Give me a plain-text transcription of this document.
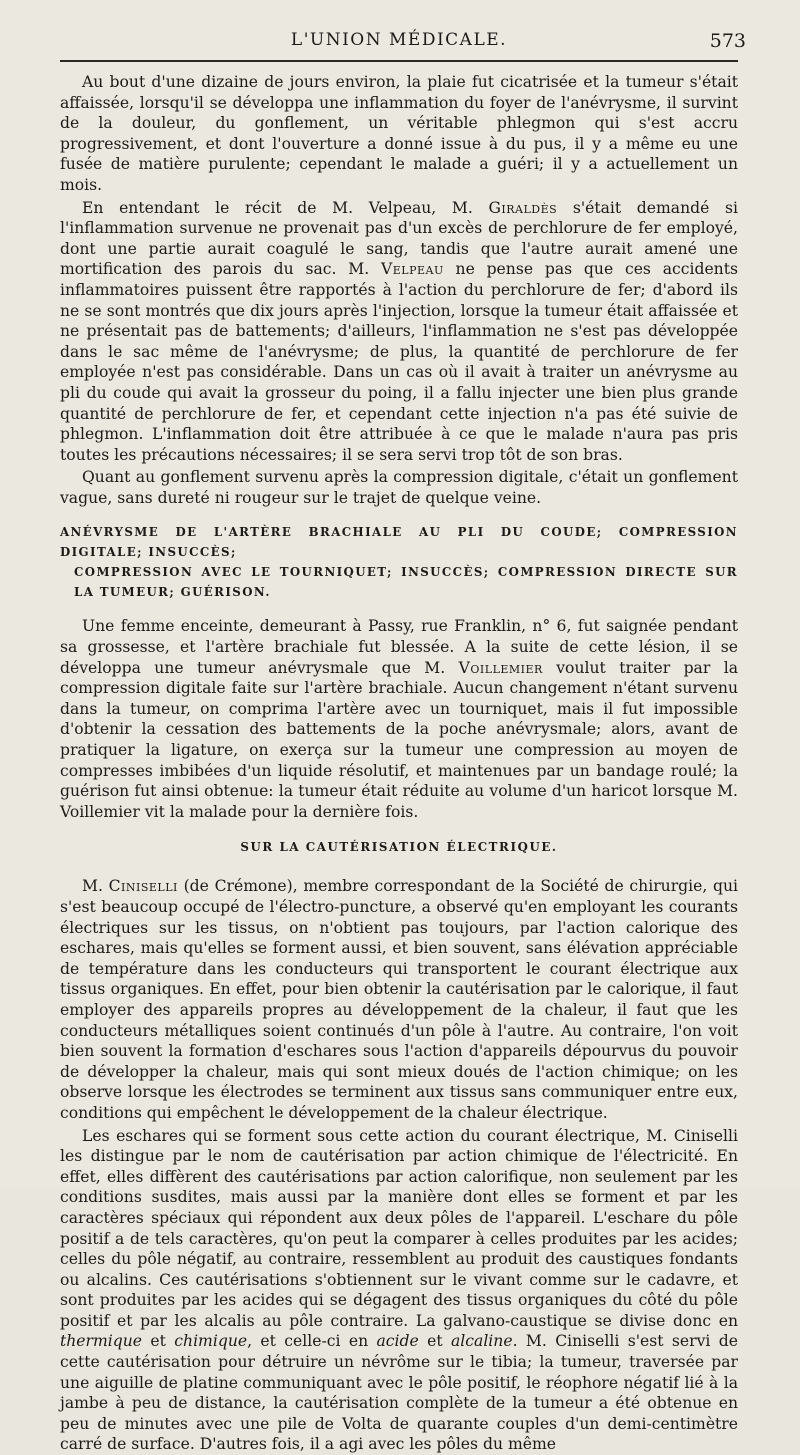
L'UNION MÉDICALE.	573

Au bout d'une dizaine de jours environ, la plaie fut cicatrisée et la tumeur s'était affaissée, lorsqu'il se développa une inflammation du foyer de l'anévrysme, il survint de la douleur, du gonflement, un véritable phlegmon qui s'est accru progressivement, et dont l'ouverture a donné issue à du pus, il y a même eu une fusée de matière purulente; cependant le malade a guéri; il y a actuellement un mois.

En entendant le récit de M. Velpeau, M. Giraldès s'était demandé si l'inflammation survenue ne provenait pas d'un excès de perchlorure de fer employé, dont une partie aurait coagulé le sang, tandis que l'autre aurait amené une mortification des parois du sac. M. Velpeau ne pense pas que ces accidents inflammatoires puissent être rapportés à l'action du perchlorure de fer; d'abord ils ne se sont montrés que dix jours après l'injection, lorsque la tumeur était affaissée et ne présentait pas de battements; d'ailleurs, l'inflammation ne s'est pas développée dans le sac même de l'anévrysme; de plus, la quantité de perchlorure de fer employée n'est pas considérable. Dans un cas où il avait à traiter un anévrysme au pli du coude qui avait la grosseur du poing, il a fallu injecter une bien plus grande quantité de perchlorure de fer, et cependant cette injection n'a pas été suivie de phlegmon. L'inflammation doit être attribuée à ce que le malade n'aura pas pris toutes les précautions nécessaires; il se sera servi trop tôt de son bras.

Quant au gonflement survenu après la compression digitale, c'était un gonflement vague, sans dureté ni rougeur sur le trajet de quelque veine.

ANÉVRYSME DE L'ARTÈRE BRACHIALE AU PLI DU COUDE; COMPRESSION DIGITALE; INSUCCÈS;
COMPRESSION AVEC LE TOURNIQUET; INSUCCÈS; COMPRESSION DIRECTE SUR LA TUMEUR; GUÉRISON.

Une femme enceinte, demeurant à Passy, rue Franklin, n° 6, fut saignée pendant sa grossesse, et l'artère brachiale fut blessée. A la suite de cette lésion, il se développa une tumeur anévrysmale que M. Voillemier voulut traiter par la compression digitale faite sur l'artère brachiale. Aucun changement n'étant survenu dans la tumeur, on comprima l'artère avec un tourniquet, mais il fut impossible d'obtenir la cessation des battements de la poche anévrysmale; alors, avant de pratiquer la ligature, on exerça sur la tumeur une compression au moyen de compresses imbibées d'un liquide résolutif, et maintenues par un bandage roulé; la guérison fut ainsi obtenue: la tumeur était réduite au volume d'un haricot lorsque M. Voillemier vit la malade pour la dernière fois.

SUR LA CAUTÉRISATION ÉLECTRIQUE.

M. Ciniselli (de Crémone), membre correspondant de la Société de chirurgie, qui s'est beaucoup occupé de l'électro-puncture, a observé qu'en employant les courants électriques sur les tissus, on n'obtient pas toujours, par l'action calorique des eschares, mais qu'elles se forment aussi, et bien souvent, sans élévation appréciable de température dans les conducteurs qui transportent le courant électrique aux tissus organiques. En effet, pour bien obtenir la cautérisation par le calorique, il faut employer des appareils propres au développement de la chaleur, il faut que les conducteurs métalliques soient continués d'un pôle à l'autre. Au contraire, l'on voit bien souvent la formation d'eschares sous l'action d'appareils dépourvus du pouvoir de développer la chaleur, mais qui sont mieux doués de l'action chimique; on les observe lorsque les électrodes se terminent aux tissus sans communiquer entre eux, conditions qui empêchent le développement de la chaleur électrique.

Les eschares qui se forment sous cette action du courant électrique, M. Ciniselli les distingue par le nom de cautérisation par action chimique de l'électricité. En effet, elles diffèrent des cautérisations par action calorifique, non seulement par les conditions susdites, mais aussi par la manière dont elles se forment et par les caractères spéciaux qui répondent aux deux pôles de l'appareil. L'eschare du pôle positif a de tels caractères, qu'on peut la comparer à celles produites par les acides; celles du pôle négatif, au contraire, ressemblent au produit des caustiques fondants ou alcalins. Ces cautérisations s'obtiennent sur le vivant comme sur le cadavre, et sont produites par les acides qui se dégagent des tissus organiques du côté du pôle positif et par les alcalis au pôle contraire. La galvano-caustique se divise donc en thermique et chimique, et celle-ci en acide et alcaline. M. Ciniselli s'est servi de cette cautérisation pour détruire un névrôme sur le tibia; la tumeur, traversée par une aiguille de platine communiquant avec le pôle positif, le réophore négatif lié à la jambe à peu de distance, la cautérisation complète de la tumeur a été obtenue en peu de minutes avec une pile de Volta de quarante couples d'un demi-centimètre carré de surface. D'autres fois, il a agi avec les pôles du même
